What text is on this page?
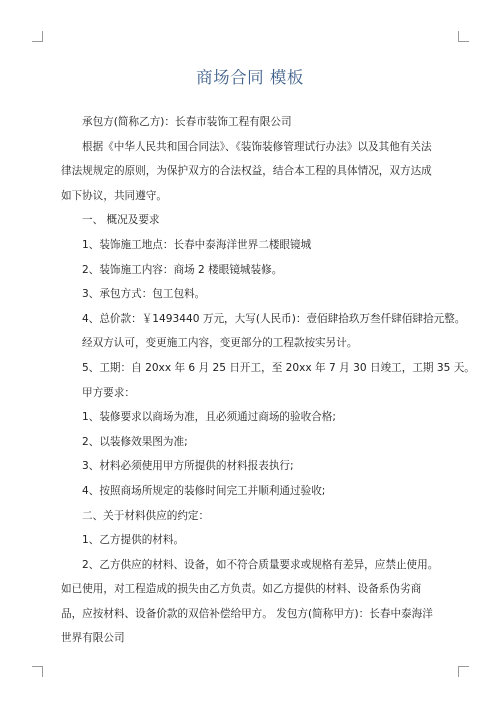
商场合同 模板

承包方(简称乙方)：长春市装饰工程有限公司

根据《中华人民共和国合同法》、《装饰装修管理试行办法》以及其他有关法律法规规定的原则，为保护双方的合法权益，结合本工程的具体情况，双方达成如下协议，共同遵守。

一、 概况及要求

1、装饰施工地点：长春中泰海洋世界二楼眼镜城

2、装饰施工内容：商场 2 楼眼镜城装修。

3、承包方式：包工包料。

4、总价款：￥1493440 万元，大写(人民币)：壹佰肆拾玖万叁仟肆佰肆拾元整。

经双方认可，变更施工内容，变更部分的工程款按实另计。

5、工期：自 20xx 年 6 月 25 日开工，至 20xx 年 7 月 30 日竣工，工期 35 天。

甲方要求：

1、装修要求以商场为准，且必须通过商场的验收合格;

2、以装修效果图为准;

3、材料必须使用甲方所提供的材料报表执行;

4、按照商场所规定的装修时间完工并顺利通过验收;

二、关于材料供应的约定：

1、乙方提供的材料。

2、乙方供应的材料、设备，如不符合质量要求或规格有差异，应禁止使用。如已使用，对工程造成的损失由乙方负责。如乙方提供的材料、设备系伪劣商品，应按材料、设备价款的双倍补偿给甲方。 发包方(简称甲方)：长春中泰海洋世界有限公司
